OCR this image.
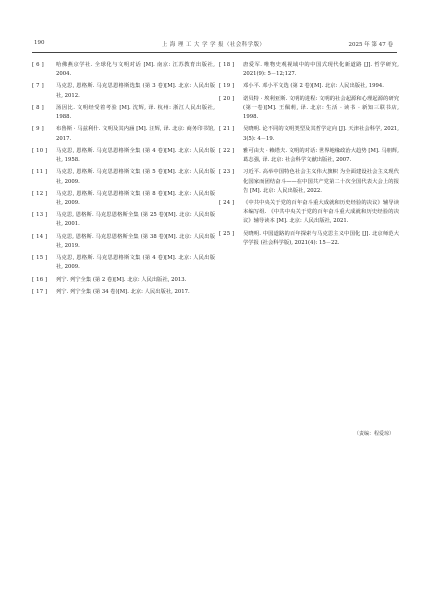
190	上 海 理 工 大 学 学 报（社会科学版）	2025 年 第 47 卷
[ 6 ]	哈佛燕京学社. 全球化与文明对话 [M]. 南京: 江苏教育出版社, 2004.
[ 7 ]	马克思, 恩格斯. 马克思恩格斯选集 (第 3 卷)[M]. 北京: 人民出版社, 2012.
[ 8 ]	汤因比. 文明经受着考验 [M]. 沈辉, 译. 杭州: 浙江人民出版社, 1988.
[ 9 ]	布鲁斯 · 马兹利什. 文明及其内涵 [M]. 汪辉, 译. 北京: 商务印书馆, 2017.
[ 10 ]	马克思, 恩格斯. 马克思恩格斯全集 (第 4 卷)[M]. 北京: 人民出版社, 1958.
[ 11 ]	马克思, 恩格斯. 马克思恩格斯文集 (第 5 卷)[M]. 北京: 人民出版社, 2009.
[ 12 ]	马克思, 恩格斯. 马克思恩格斯文集 (第 8 卷)[M]. 北京: 人民出版社, 2009.
[ 13 ]	马克思, 恩格斯. 马克思恩格斯全集 (第 25 卷)[M]. 北京: 人民出版社, 2001.
[ 14 ]	马克思, 恩格斯. 马克思恩格斯全集 (第 38 卷)[M]. 北京: 人民出版社, 2019.
[ 15 ]	马克思, 恩格斯. 马克思恩格斯文集 (第 4 卷)[M]. 北京: 人民出版社, 2009.
[ 16 ]	列宁. 列宁全集 (第 2 卷)[M]. 北京: 人民出版社, 2013.
[ 17 ]	列宁. 列宁全集 (第 34 卷)[M]. 北京: 人民出版社, 2017.
[ 18 ]	唐爱军. 唯物史观视域中的中国式现代化新道路 [J]. 哲学研究, 2021(9): 5－12;127.
[ 19 ]	邓小平. 邓小平文选 (第 2 卷)[M]. 北京: 人民出版社, 1994.
[ 20 ]	诺贝特 · 埃利亚斯. 文明的进程: 文明的社会起源和心理起源的研究 (第一卷)[M]. 王佩莉, 译. 北京: 生活 · 读书 · 新知三联书店, 1998.
[ 21 ]	吴晓明. 论不同的文明类型及其哲学定向 [J]. 天津社会科学, 2021, 3(5): 4－19.
[ 22 ]	雅可由夫 · 赖塔夫. 文明的对话: 世界地缘政治大趋势 [M]. 马朋辉, 葛志强, 译. 北京: 社会科学文献出版社, 2007.
[ 23 ]	习近平. 高举中国特色社会主义伟大旗帜 为全面建设社会主义现代化国家而团结奋斗——在中国共产党第二十次全国代表大会上的报告 [M]. 北京: 人民出版社, 2022.
[ 24 ]	《中共中央关于党的百年奋斗重大成就和历史经验的决议》辅导读本编写组. 《中共中央关于党的百年奋斗重大成就和历史经验的决议》辅导读本 [M]. 北京: 人民出版社, 2021.
[ 25 ]	吴晓明. 中国道路的百年探索与马克思主义中国化 [J]. 北京师范大学学报 (社会科学版), 2021(4): 15－22.
（责编：程爱琼）
